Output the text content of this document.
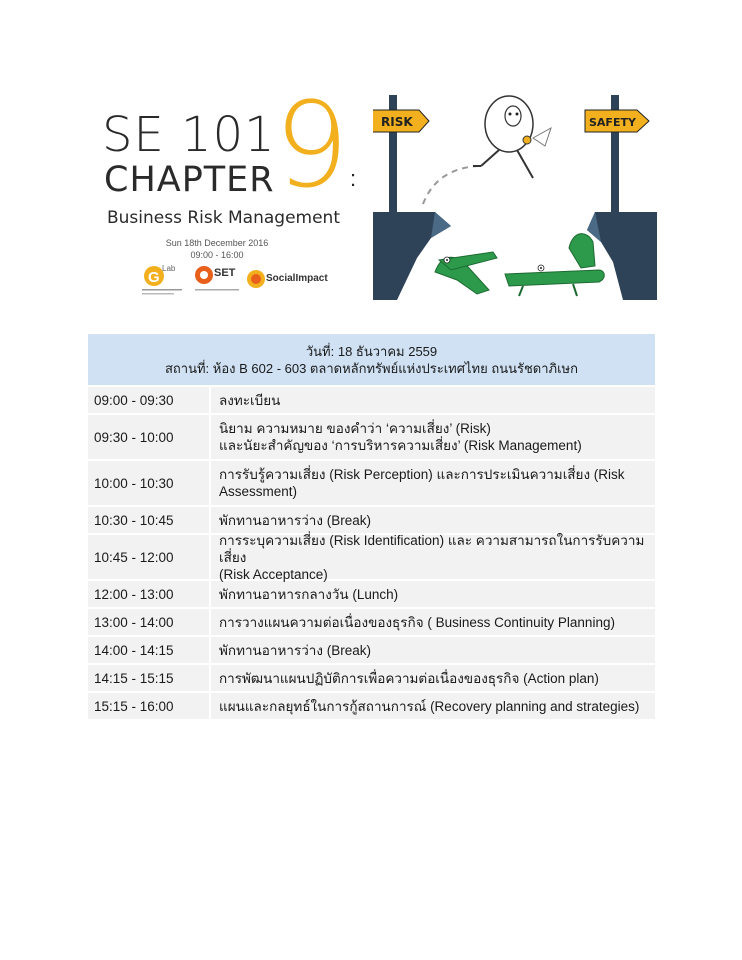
SE 101
CHAPTER 9 :
Business Risk Management
Sun 18th December 2016
09:00 - 16:00
G
Lab	SET	SocialImpact
RISK	SAFETY
วันที่: 18 ธันวาคม 2559
สถานที่: ห้อง B 602 - 603 ตลาดหลักทรัพย์แห่งประเทศไทย ถนนรัชดาภิเษก
09:00 - 09:30	ลงทะเบียน
09:30 - 10:00
นิยาม ความหมาย ของคำว่า ‘ความเสี่ยง’ (Risk)
และนัยะสำคัญของ ‘การบริหารความเสี่ยง’ (Risk Management)
10:00 - 10:30
การรับรู้ความเสี่ยง (Risk Perception) และการประเมินความเสี่ยง (Risk
Assessment)
10:30 - 10:45	พักทานอาหารว่าง (Break)
10:45 - 12:00
การระบุความเสี่ยง (Risk Identification) และ ความสามารถในการรับความเสี่ยง
(Risk Acceptance)
12:00 - 13:00	พักทานอาหารกลางวัน (Lunch)
13:00 - 14:00	การวางแผนความต่อเนื่องของธุรกิจ ( Business Continuity Planning)
14:00 - 14:15	พักทานอาหารว่าง (Break)
14:15 - 15:15	การพัฒนาแผนปฏิบัติการเพื่อความต่อเนื่องของธุรกิจ (Action plan)
15:15 - 16:00	แผนและกลยุทธ์ในการกู้สถานการณ์ (Recovery planning and strategies)
